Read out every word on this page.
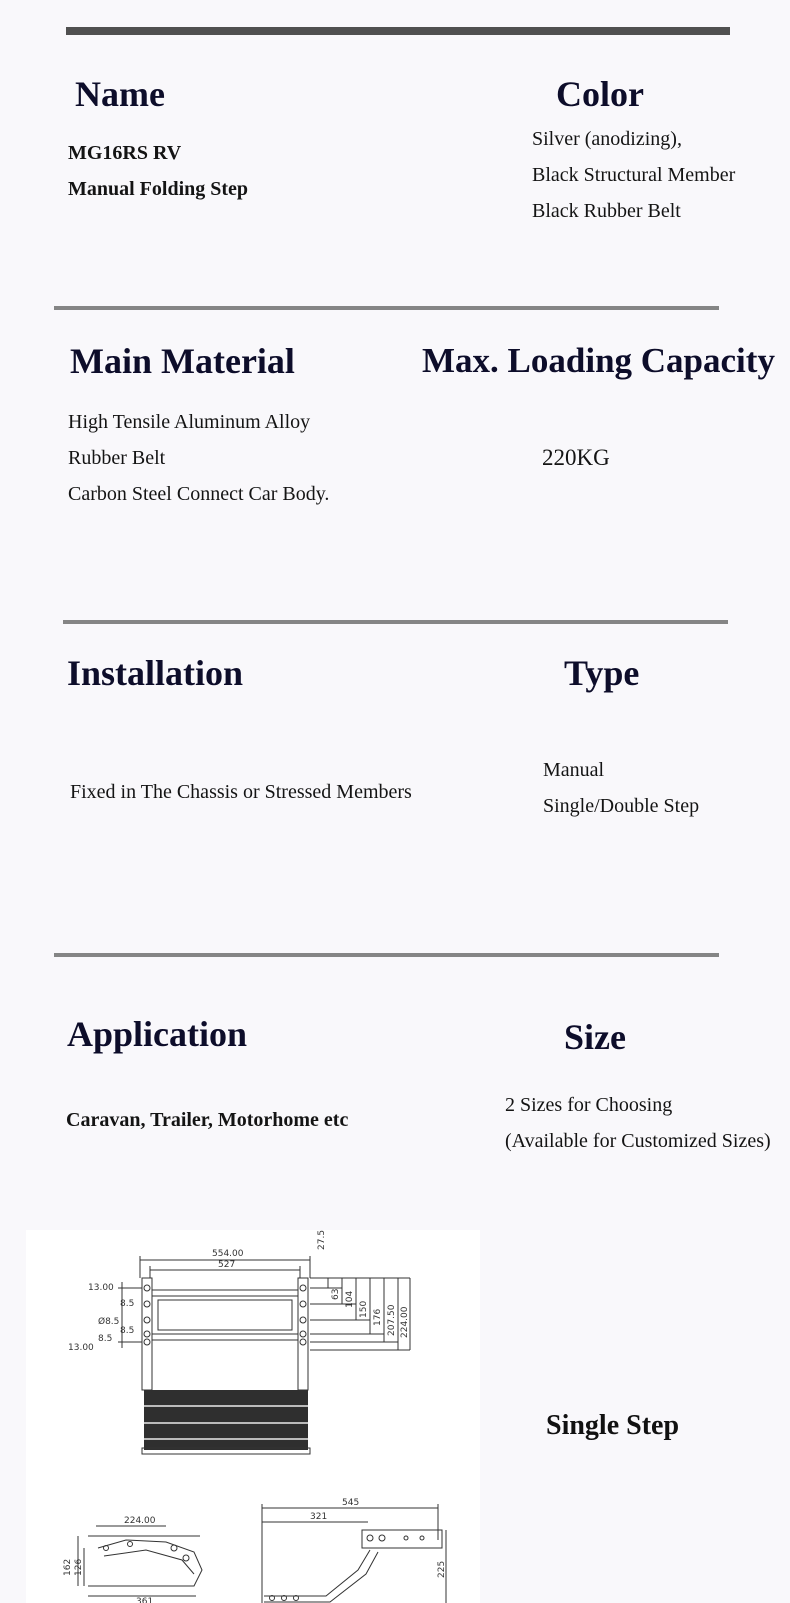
Name
MG16RS RV
Manual Folding Step
Color
Silver (anodizing),
Black Structural Member
Black Rubber Belt
Main Material
High Tensile Aluminum Alloy
Rubber Belt
Carbon Steel Connect Car Body.
Max. Loading Capacity
220KG
Installation
Fixed in The Chassis or Stressed Members
Type
Manual
Single/Double Step
Application
Caravan, Trailer, Motorhome etc
Size
2 Sizes for Choosing
(Available for Customized Sizes)
554.00
527
27.5
13.00
8.5
Ø8.5
8.5
8.5
13.00
63 104
150 176 207.50 224.00
224.00
162 126
361
545
321
225
Single Step
